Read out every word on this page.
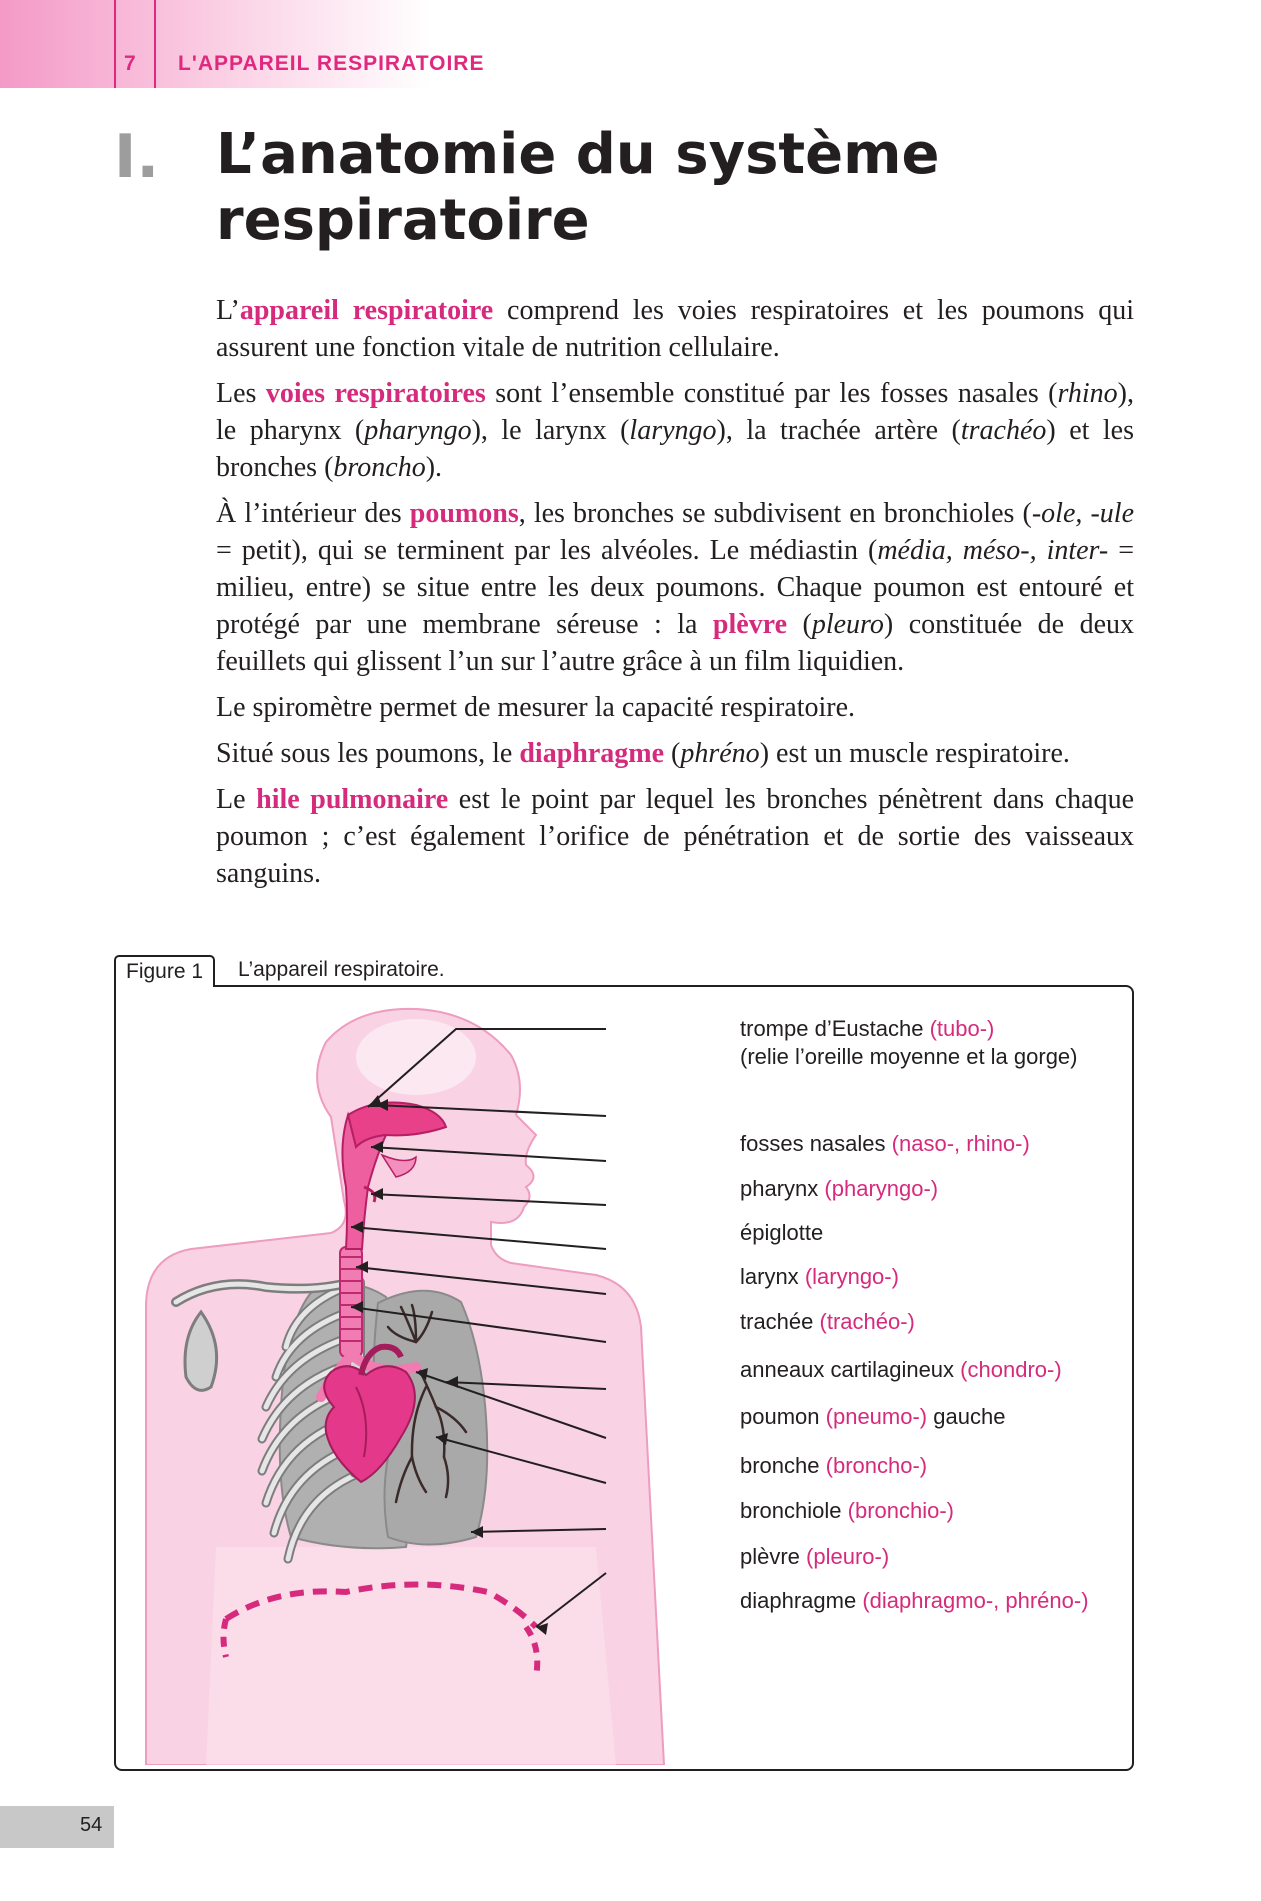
7 L'APPAREIL RESPIRATOIRE
I. L’anatomie du système respiratoire

L’appareil respiratoire comprend les voies respiratoires et les poumons qui assurent une fonction vitale de nutrition cellulaire.

Les voies respiratoires sont l’ensemble constitué par les fosses nasales (rhino), le pharynx (pharyngo), le larynx (laryngo), la trachée artère (trachéo) et les bronches (broncho).

À l’intérieur des poumons, les bronches se subdivisent en bronchioles (-ole, -ule = petit), qui se terminent par les alvéoles. Le médiastin (média, méso-, inter- = milieu, entre) se situe entre les deux poumons. Chaque poumon est entouré et protégé par une membrane séreuse : la plèvre (pleuro) constituée de deux feuillets qui glissent l’un sur l’autre grâce à un film liquidien.

Le spiromètre permet de mesurer la capacité respiratoire.

Situé sous les poumons, le diaphragme (phréno) est un muscle respiratoire.

Le hile pulmonaire est le point par lequel les bronches pénètrent dans chaque poumon ; c’est également l’orifice de pénétration et de sortie des vaisseaux sanguins.

Figure 1	L’appareil respiratoire.
trompe d’Eustache (tubo-)
(relie l’oreille moyenne et la gorge)
fosses nasales (naso-, rhino-)
pharynx (pharyngo-)
épiglotte
larynx (laryngo-)
trachée (trachéo-)
anneaux cartilagineux (chondro-)
poumon (pneumo-) gauche
bronche (broncho-)
bronchiole (bronchio-)
plèvre (pleuro-)
diaphragme (diaphragmo-, phréno-)
54
